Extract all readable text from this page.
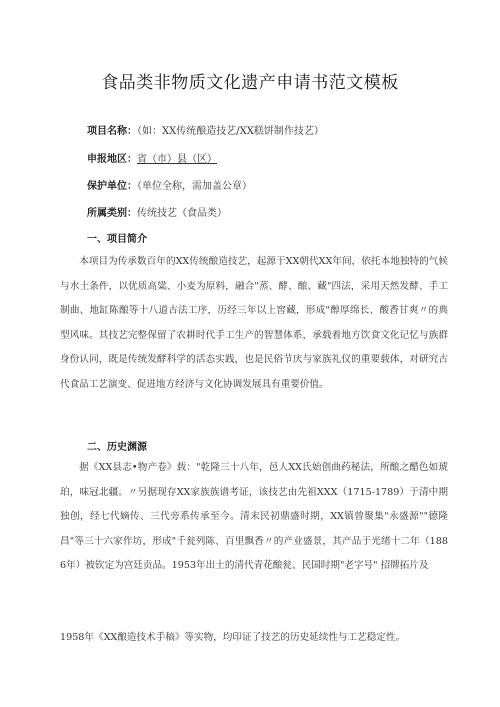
食品类非物质文化遗产申请书范文模板
项目名称：（如：XX传统酿造技艺/XX糕饼制作技艺）
申报地区：省（市）县（区）
保护单位：（单位全称，需加盖公章）
所属类别：传统技艺（食品类）
一、项目简介
本项目为传承数百年的XX传统酿造技艺，起源于XX朝代XX年间，依托本地独特的气候与水土条件，以优质高粱、小麦为原料，融合"蒸、酵、酿、藏"四法，采用天然发酵、手工制曲、地缸陈酿等十八道古法工序，历经三年以上窖藏，形成"醇厚绵长、酸香甘爽〃的典型风味。其技艺完整保留了农耕时代手工生产的智慧体系，承载着地方饮食文化记忆与族群身份认同，既是传统发酵科学的活态实践，也是民俗节庆与家族礼仪的重要载体，对研究古代食品工艺演变、促进地方经济与文化协调发展具有重要价值。
二、历史渊源
据《XX县志•物产卷》载："乾隆三十八年，邑人XX氏始创曲药秘法，所酿之醋色如琥珀，味冠北疆。〃另据现存XX家族族谱考证，该技艺由先祖XXX（1715-1789）于清中期独创，经七代嫡传、三代旁系传承至今。清末民初鼎盛时期，XX镇曾聚集"永盛源""德隆昌"等三十六家作坊，形成"千瓮列陈、百里飘香〃的产业盛景，其产品于光绪十二年（1886年）被钦定为宫廷贡品。1953年出土的清代青花酿瓮、民国时期"老字号" 招牌拓片及
1958年《XX酿造技术手稿》等实物，均印证了技艺的历史延续性与工艺稳定性。
